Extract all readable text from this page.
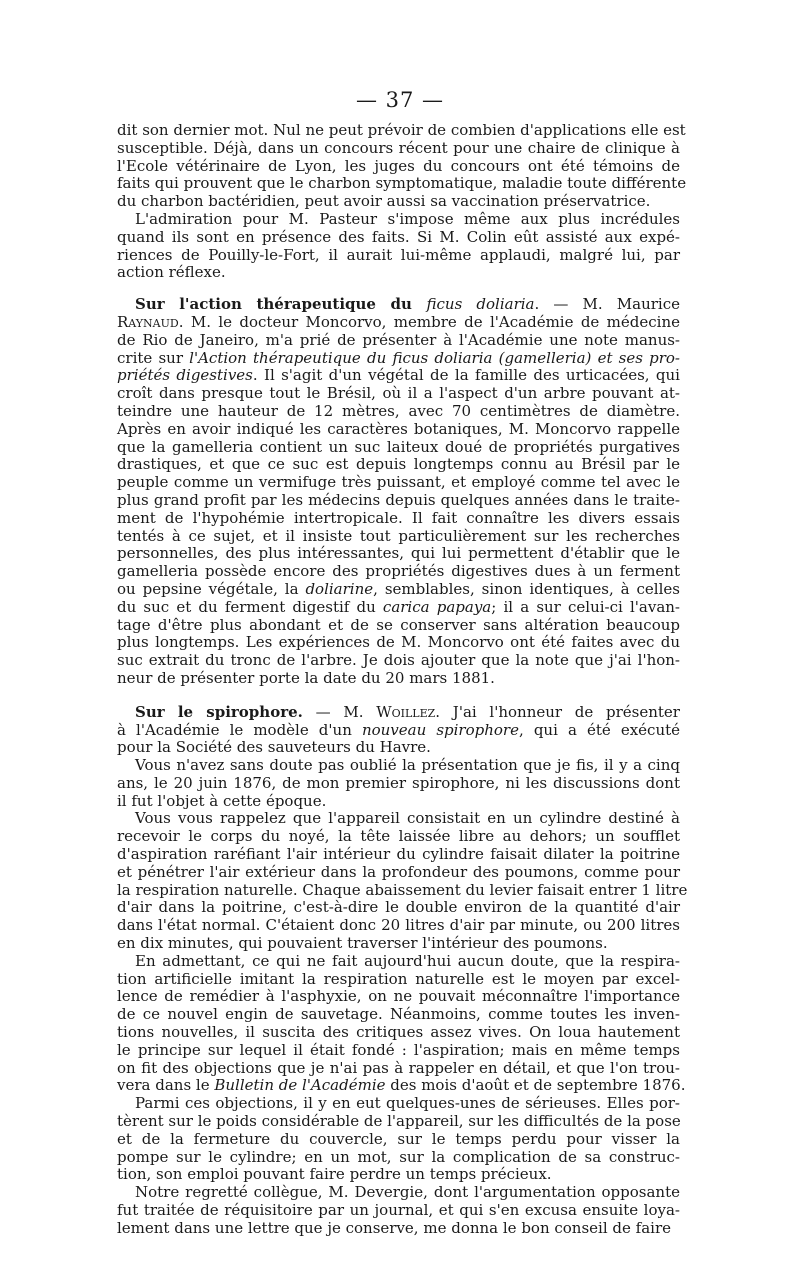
— 37 —
dit son dernier mot. Nul ne peut prévoir de combien d'applications elle est
susceptible. Déjà, dans un concours récent pour une chaire de clinique à
l'Ecole vétérinaire de Lyon, les juges du concours ont été témoins de
faits qui prouvent que le charbon symptomatique, maladie toute différente
du charbon bactéridien, peut avoir aussi sa vaccination préservatrice.
L'admiration pour M. Pasteur s'impose même aux plus incrédules
quand ils sont en présence des faits. Si M. Colin eût assisté aux expé-
riences de Pouilly-le-Fort, il aurait lui-même applaudi, malgré lui, par
action réflexe.
Sur l'action thérapeutique du ficus doliaria. — M. Maurice
Raynaud. M. le docteur Moncorvo, membre de l'Académie de médecine
de Rio de Janeiro, m'a prié de présenter à l'Académie une note manus-
crite sur l'Action thérapeutique du ficus doliaria (gamelleria) et ses pro-
priétés digestives. Il s'agit d'un végétal de la famille des urticacées, qui
croît dans presque tout le Brésil, où il a l'aspect d'un arbre pouvant at-
teindre une hauteur de 12 mètres, avec 70 centimètres de diamètre.
Après en avoir indiqué les caractères botaniques, M. Moncorvo rappelle
que la gamelleria contient un suc laiteux doué de propriétés purgatives
drastiques, et que ce suc est depuis longtemps connu au Brésil par le
peuple comme un vermifuge très puissant, et employé comme tel avec le
plus grand profit par les médecins depuis quelques années dans le traite-
ment de l'hypohémie intertropicale. Il fait connaître les divers essais
tentés à ce sujet, et il insiste tout particulièrement sur les recherches
personnelles, des plus intéressantes, qui lui permettent d'établir que le
gamelleria possède encore des propriétés digestives dues à un ferment
ou pepsine végétale, la doliarine, semblables, sinon identiques, à celles
du suc et du ferment digestif du carica papaya; il a sur celui-ci l'avan-
tage d'être plus abondant et de se conserver sans altération beaucoup
plus longtemps. Les expériences de M. Moncorvo ont été faites avec du
suc extrait du tronc de l'arbre. Je dois ajouter que la note que j'ai l'hon-
neur de présenter porte la date du 20 mars 1881.
Sur le spirophore. — M. Woillez. J'ai l'honneur de présenter
à l'Académie le modèle d'un nouveau spirophore, qui a été exécuté
pour la Société des sauveteurs du Havre.
Vous n'avez sans doute pas oublié la présentation que je fis, il y a cinq
ans, le 20 juin 1876, de mon premier spirophore, ni les discussions dont
il fut l'objet à cette époque.
Vous vous rappelez que l'appareil consistait en un cylindre destiné à
recevoir le corps du noyé, la tête laissée libre au dehors; un soufflet
d'aspiration raréfiant l'air intérieur du cylindre faisait dilater la poitrine
et pénétrer l'air extérieur dans la profondeur des poumons, comme pour
la respiration naturelle. Chaque abaissement du levier faisait entrer 1 litre
d'air dans la poitrine, c'est-à-dire le double environ de la quantité d'air
dans l'état normal. C'étaient donc 20 litres d'air par minute, ou 200 litres
en dix minutes, qui pouvaient traverser l'intérieur des poumons.
En admettant, ce qui ne fait aujourd'hui aucun doute, que la respira-
tion artificielle imitant la respiration naturelle est le moyen par excel-
lence de remédier à l'asphyxie, on ne pouvait méconnaître l'importance
de ce nouvel engin de sauvetage. Néanmoins, comme toutes les inven-
tions nouvelles, il suscita des critiques assez vives. On loua hautement
le principe sur lequel il était fondé : l'aspiration; mais en même temps
on fit des objections que je n'ai pas à rappeler en détail, et que l'on trou-
vera dans le Bulletin de l'Académie des mois d'août et de septembre 1876.
Parmi ces objections, il y en eut quelques-unes de sérieuses. Elles por-
tèrent sur le poids considérable de l'appareil, sur les difficultés de la pose
et de la fermeture du couvercle, sur le temps perdu pour visser la
pompe sur le cylindre; en un mot, sur la complication de sa construc-
tion, son emploi pouvant faire perdre un temps précieux.
Notre regretté collègue, M. Devergie, dont l'argumentation opposante
fut traitée de réquisitoire par un journal, et qui s'en excusa ensuite loya-
lement dans une lettre que je conserve, me donna le bon conseil de faire
